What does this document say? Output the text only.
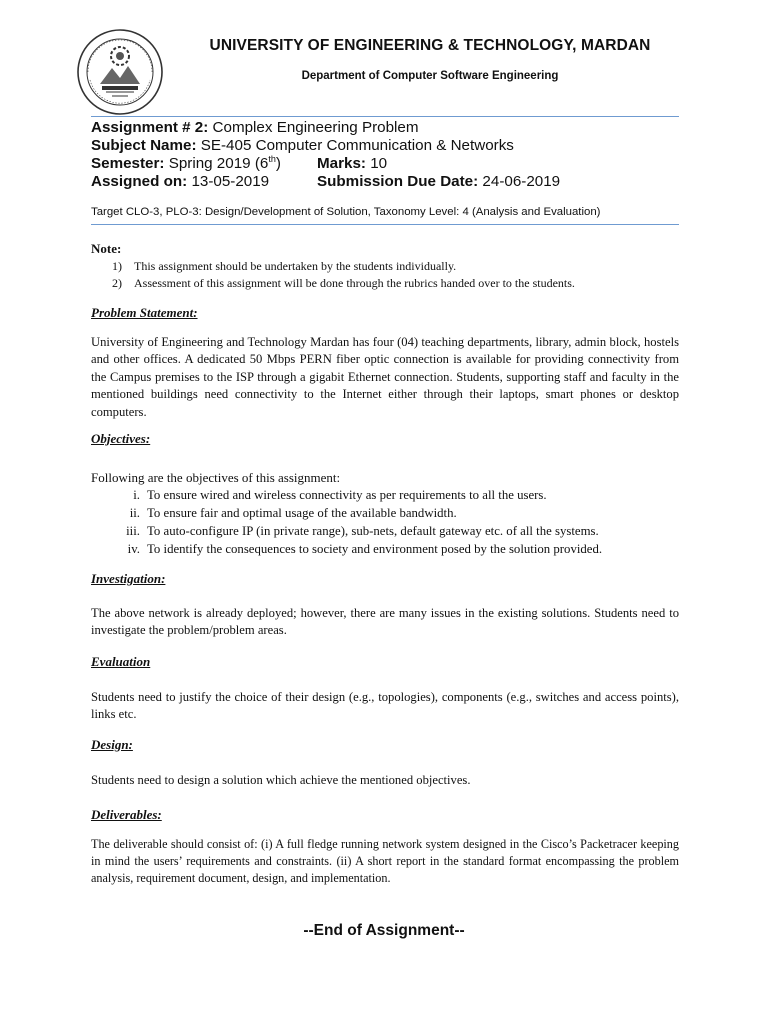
UNIVERSITY OF ENGINEERING & TECHNOLOGY, MARDAN
Department of Computer Software Engineering
Assignment # 2: Complex Engineering Problem
Subject Name: SE-405 Computer Communication & Networks
Semester: Spring 2019 (6th) Marks: 10
Assigned on: 13-05-2019	Submission Due Date: 24-06-2019
Target CLO-3, PLO-3: Design/Development of Solution, Taxonomy Level: 4 (Analysis and Evaluation)
Note:
1) This assignment should be undertaken by the students individually.
2) Assessment of this assignment will be done through the rubrics handed over to the students.
Problem Statement:
University of Engineering and Technology Mardan has four (04) teaching departments, library, admin block, hostels and other offices. A dedicated 50 Mbps PERN fiber optic connection is available for providing connectivity from the Campus premises to the ISP through a gigabit Ethernet connection. Students, supporting staff and faculty in the mentioned buildings need connectivity to the Internet either through their laptops, smart phones or desktop computers.
Objectives:
Following are the objectives of this assignment:
i. To ensure wired and wireless connectivity as per requirements to all the users.
ii. To ensure fair and optimal usage of the available bandwidth.
iii. To auto-configure IP (in private range), sub-nets, default gateway etc. of all the systems.
iv. To identify the consequences to society and environment posed by the solution provided.
Investigation:
The above network is already deployed; however, there are many issues in the existing solutions. Students need to investigate the problem/problem areas.
Evaluation
Students need to justify the choice of their design (e.g., topologies), components (e.g., switches and access points), links etc.
Design:
Students need to design a solution which achieve the mentioned objectives.
Deliverables:
The deliverable should consist of: (i) A full fledge running network system designed in the Cisco’s Packetracer keeping in mind the users’ requirements and constraints. (ii) A short report in the standard format encompassing the problem analysis, requirement document, design, and implementation.
--End of Assignment--
